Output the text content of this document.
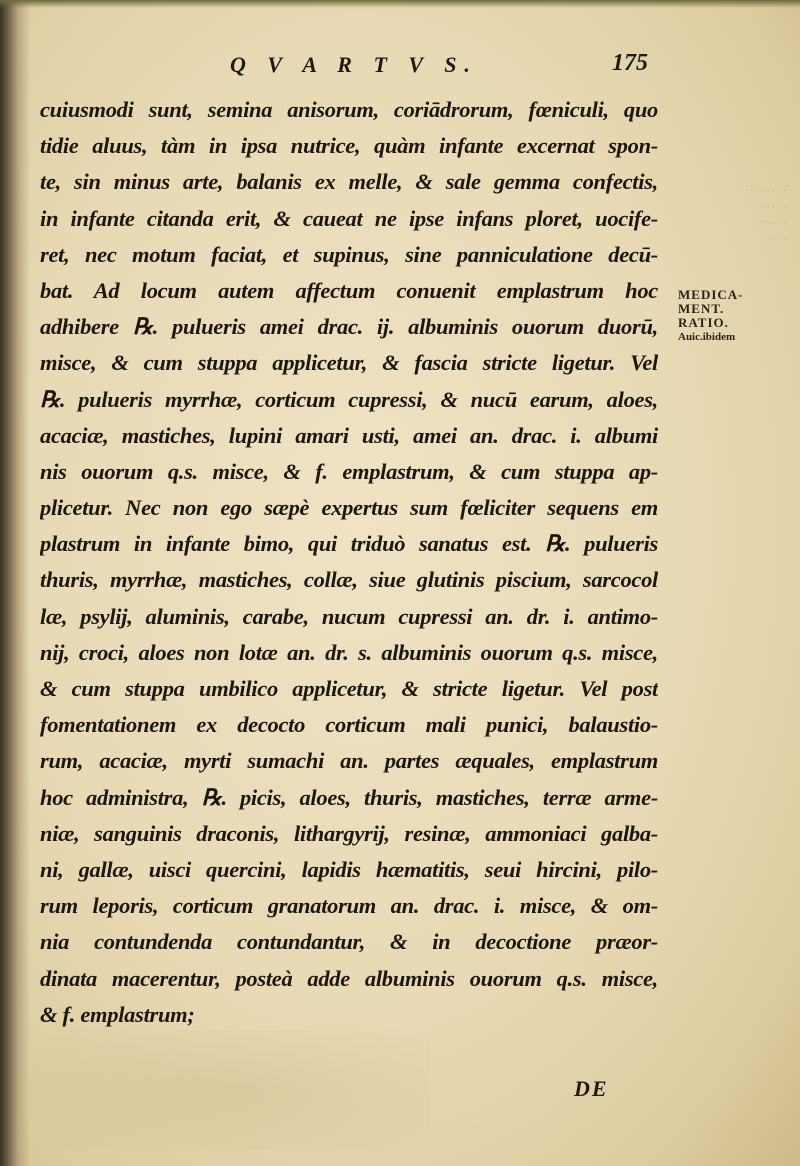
Q V A R T V S.	175
. . . . . . .
. . . . .
. . . . . .
. . . .
cuiusmodi sunt, semina anisorum, coriādrorum, fœniculi, quo
tidie aluus, tàm in ipsa nutrice, quàm infante excernat spon-
te, sin minus arte, balanis ex melle, & sale gemma confectis,
in infante citanda erit, & caueat ne ipse infans ploret, uocife-
ret, nec motum faciat, et supinus, sine panniculatione decū-
bat. Ad locum autem affectum conuenit emplastrum hoc
adhibere ℞. pulueris amei drac. ij. albuminis ouorum duorū,
misce, & cum stuppa applicetur, & fascia stricte ligetur. Vel
℞. pulueris myrrhæ, corticum cupressi, & nucū earum, aloes,
acaciæ, mastiches, lupini amari usti, amei an. drac. i. albumi
nis ouorum q.s. misce, & f. emplastrum, & cum stuppa ap-
plicetur. Nec non ego sæpè expertus sum fœliciter sequens em
plastrum in infante bimo, qui triduò sanatus est. ℞. pulueris
thuris, myrrhæ, mastiches, collæ, siue glutinis piscium, sarcocol
læ, psylij, aluminis, carabe, nucum cupressi an. dr. i. antimo-
nij, croci, aloes non lotæ an. dr. s. albuminis ouorum q.s. misce,
& cum stuppa umbilico applicetur, & stricte ligetur. Vel post
fomentationem ex decocto corticum mali punici, balaustio-
rum, acaciæ, myrti sumachi an. partes æquales, emplastrum
hoc administra, ℞. picis, aloes, thuris, mastiches, terræ arme-
niæ, sanguinis draconis, lithargyrij, resinæ, ammoniaci galba-
ni, gallæ, uisci quercini, lapidis hæmatitis, seui hircini, pilo-
rum leporis, corticum granatorum an. drac. i. misce, & om-
nia contundenda contundantur, & in decoctione præor-
dinata macerentur, posteà adde albuminis ouorum q.s. misce,
& f. emplastrum;
MEDICA-
MENT.
RATIO.
Auic.ibidem
DE
